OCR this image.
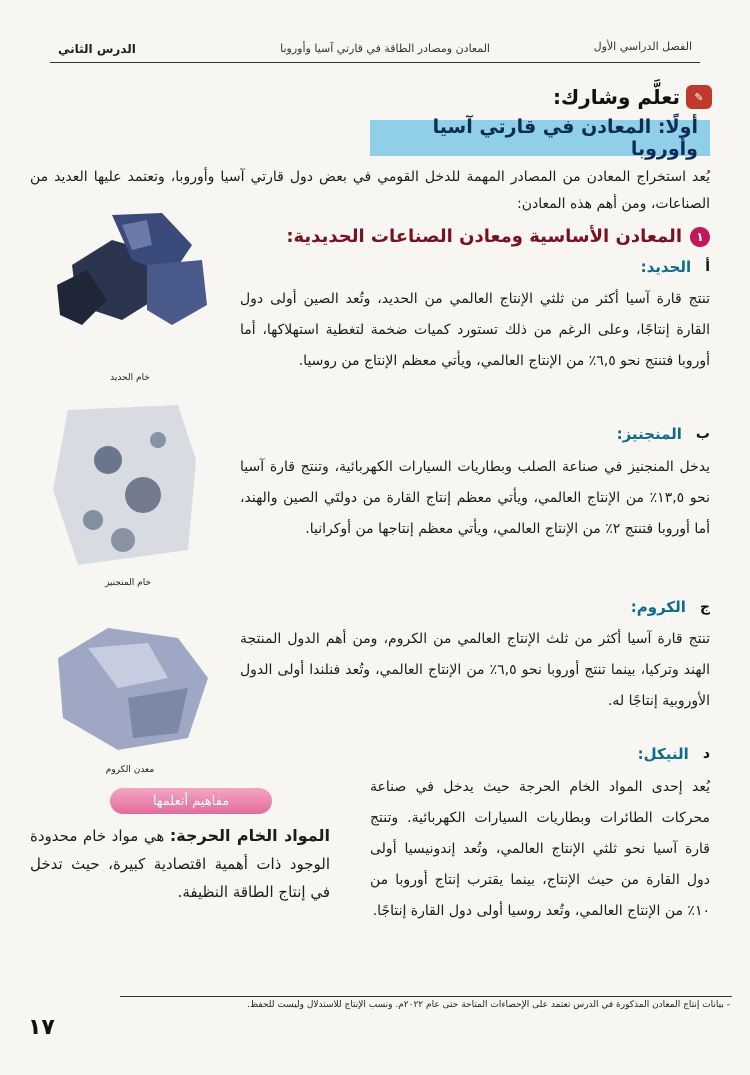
الفصل الدراسي الأول
المعادن ومصادر الطاقة في قارتي آسيا وأوروبا
الدرس الثاني
✎
تعلَّم وشارك:
أولًا: المعادن في قارتي آسيا وأوروبا
يُعد استخراج المعادن من المصادر المهمة للدخل القومي في بعض دول قارتي آسيا وأوروبا، وتعتمد عليها العديد من الصناعات، ومن أهم هذه المعادن:
١
المعادن الأساسية ومعادن الصناعات الحديدية:
أ
الحديد:
تنتج قارة آسيا أكثر من ثلثي الإنتاج العالمي من الحديد، وتُعد الصين أولى دول القارة إنتاجًا، وعلى الرغم من ذلك تستورد كميات ضخمة لتغطية استهلاكها، أما أوروبا فتنتج نحو ٦,٥٪ من الإنتاج العالمي، ويأتي معظم الإنتاج من روسيا.
خام الحديد
ب
المنجنيز:
يدخل المنجنيز في صناعة الصلب وبطاريات السيارات الكهربائية، وتنتج قارة آسيا نحو ١٣,٥٪ من الإنتاج العالمي، ويأتي معظم إنتاج القارة من دولتَي الصين والهند، أما أوروبا فتنتج ٢٪ من الإنتاج العالمي، ويأتي معظم إنتاجها من أوكرانيا.
خام المنجنيز
ج
الكروم:
تنتج قارة آسيا أكثر من ثلث الإنتاج العالمي من الكروم، ومن أهم الدول المنتجة الهند وتركيا، بينما تنتج أوروبا نحو ٦,٥٪ من الإنتاج العالمي، وتُعد فنلندا أولى الدول الأوروبية إنتاجًا له.
معدن الكروم
د
النيكل:
يُعد إحدى المواد الخام الحرجة حيث يدخل في صناعة محركات الطائرات وبطاريات السيارات الكهربائية. وتنتج قارة آسيا نحو ثلثي الإنتاج العالمي، وتُعد إندونيسيا أولى دول القارة من حيث الإنتاج، بينما يقترب إنتاج أوروبا من ١٠٪ من الإنتاج العالمي، وتُعد روسيا أولى دول القارة إنتاجًا.
مفاهيم أتعلمها
المواد الخام الحرجة: هي مواد خام محدودة الوجود ذات أهمية اقتصادية كبيرة، حيث تدخل في إنتاج الطاقة النظيفة.
- بيانات إنتاج المعادن المذكورة في الدرس تعتمد على الإحصاءات المتاحة حتى عام ٢٠٢٢م. ونسب الإنتاج للاستدلال وليست للحفظ.
١٧
